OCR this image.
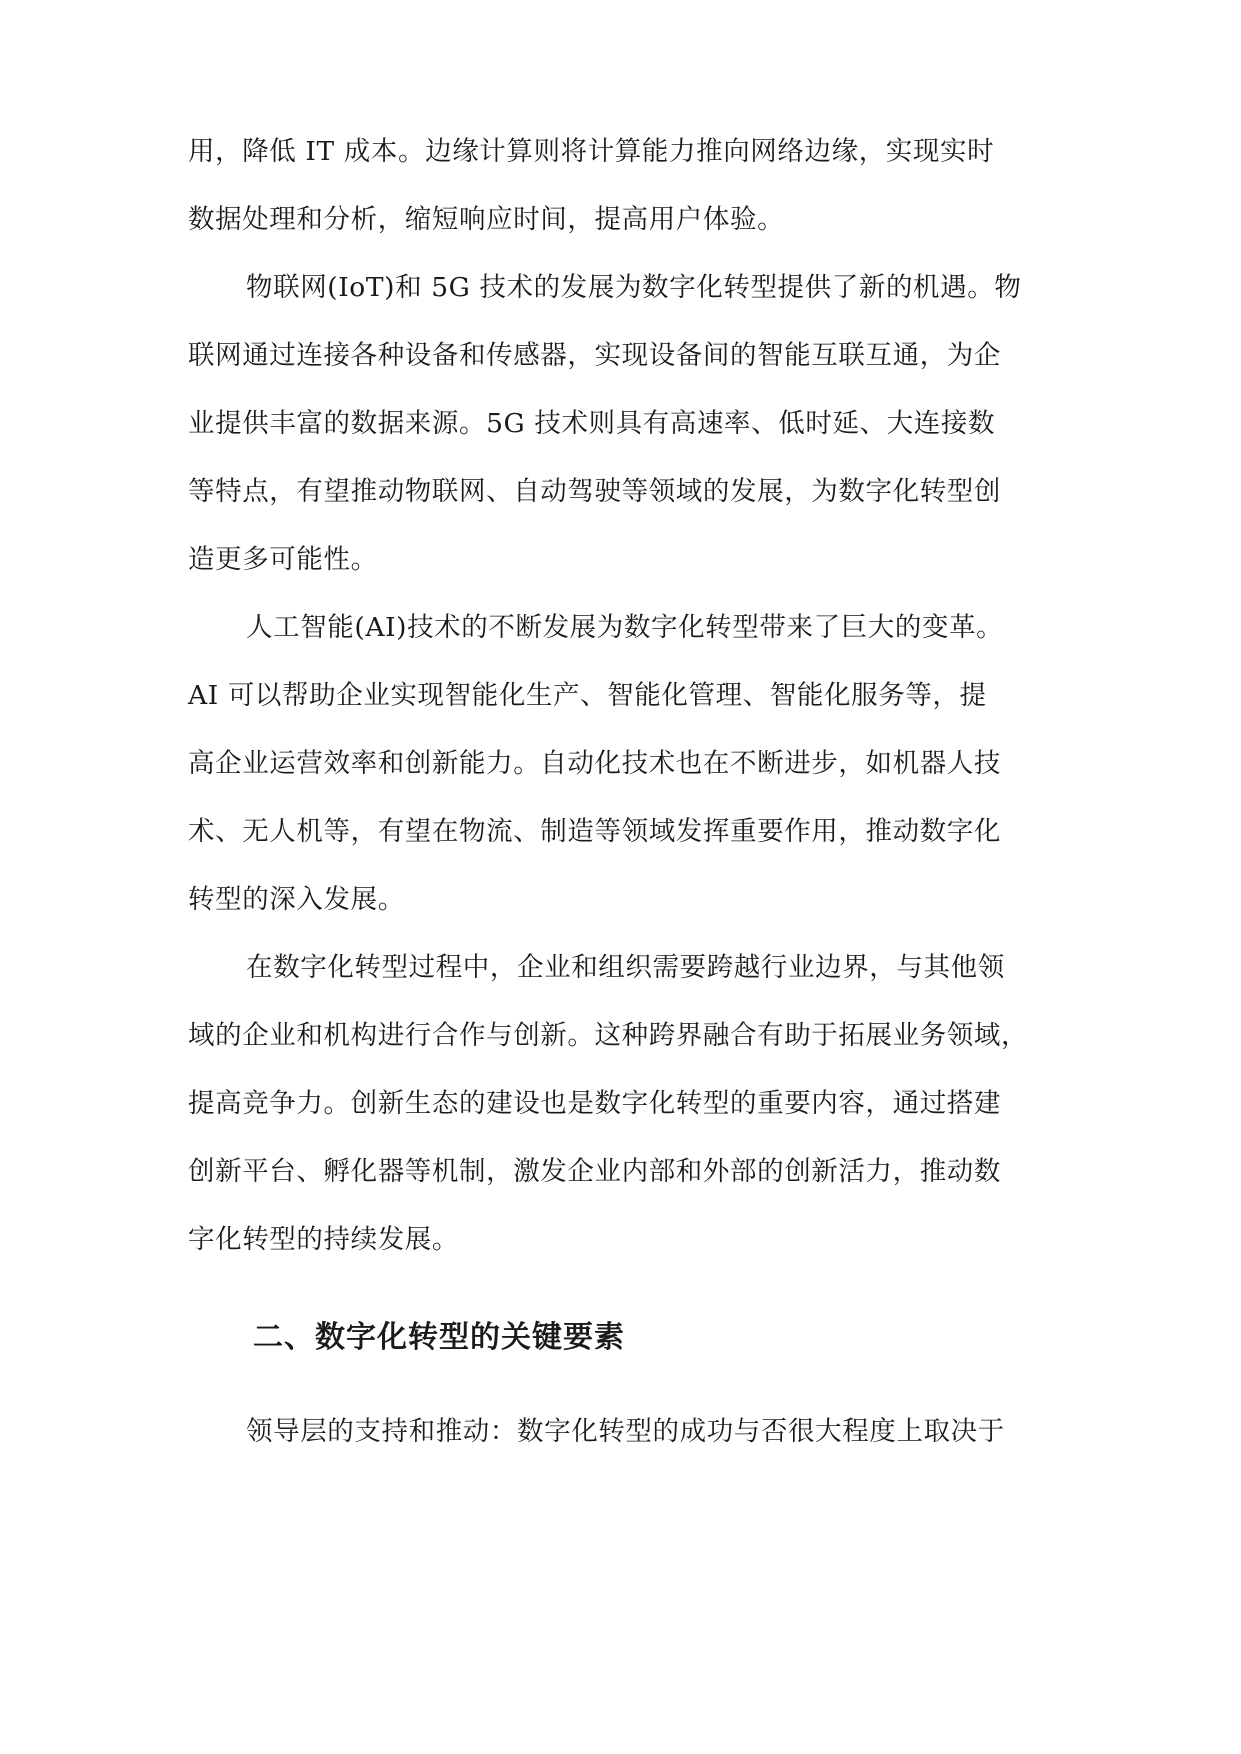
用，降低 IT 成本。边缘计算则将计算能力推向网络边缘，实现实时
数据处理和分析，缩短响应时间，提高用户体验。
物联网(IoT)和 5G 技术的发展为数字化转型提供了新的机遇。物
联网通过连接各种设备和传感器，实现设备间的智能互联互通，为企
业提供丰富的数据来源。5G 技术则具有高速率、低时延、大连接数
等特点，有望推动物联网、自动驾驶等领域的发展，为数字化转型创
造更多可能性。
人工智能(AI)技术的不断发展为数字化转型带来了巨大的变革。
AI 可以帮助企业实现智能化生产、智能化管理、智能化服务等，提
高企业运营效率和创新能力。自动化技术也在不断进步，如机器人技
术、无人机等，有望在物流、制造等领域发挥重要作用，推动数字化
转型的深入发展。
在数字化转型过程中，企业和组织需要跨越行业边界，与其他领
域的企业和机构进行合作与创新。这种跨界融合有助于拓展业务领域，
提高竞争力。创新生态的建设也是数字化转型的重要内容，通过搭建
创新平台、孵化器等机制，激发企业内部和外部的创新活力，推动数
字化转型的持续发展。
二、数字化转型的关键要素
领导层的支持和推动：数字化转型的成功与否很大程度上取决于
